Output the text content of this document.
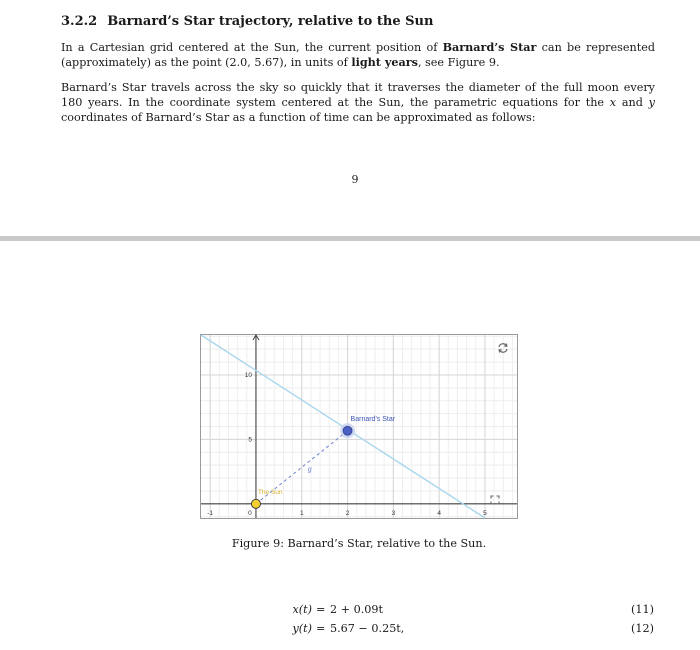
3.2.2 Barnard’s Star trajectory, relative to the Sun
In a Cartesian grid centered at the Sun, the current position of Barnard’s Star can be represented (approximately) as the point (2.0, 5.67), in units of light years, see Figure 9.
Barnard’s Star travels across the sky so quickly that it traverses the diameter of the full moon every 180 years. In the coordinate system centered at the Sun, the parametric equations for the x and y coordinates of Barnard’s Star as a function of time can be approximated as follows:
9
-1	0	1	2	3	4	5
5
10
g
Barnard's Star
The Sun
Figure 9: Barnard’s Star, relative to the Sun.
x(t) = 2 + 0.09t	(11)
y(t) = 5.67 − 0.25t,	(12)
